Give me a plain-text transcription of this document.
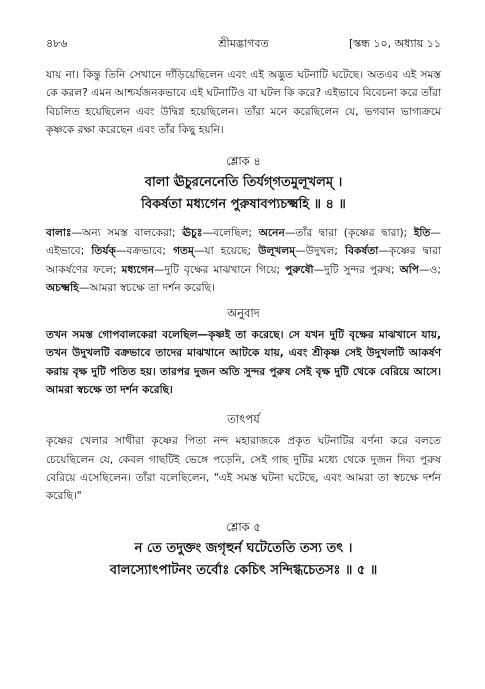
৪৮৬	শ্রীমদ্ভাগবত	[স্কন্ধ ১০, অধ্যায় ১১

যায় না। কিন্তু তিনি সেখানে দাঁড়িয়েছিলেন এবং এই অদ্ভুত ঘটনাটি ঘটেছে। অতএব এই সমস্ত কে করল? এমন আশ্চর্যজনকভাবে এই ঘটনাটিও বা ঘটল কি করে? এইভাবে বিবেচনা করে তাঁরা বিচলিত হয়েছিলেন এবং উদ্বিগ্ন হয়েছিলেন। তাঁরা মনে করেছিলেন যে, ভগবান ভাগ্যক্রমে কৃষ্ণকে রক্ষা করেছেন এবং তাঁর কিছু হয়নি।

শ্লোক ৪

বালা ঊচুরনেনেতি তির্যগ্‌গতমুলূখলম্ ।

বিকর্ষতা মধ্যগেন পুরুষাবপ্যচক্ষ্মহি ॥ ৪ ॥

বালাঃ—অন্য সমস্ত বালকেরা; ঊচুঃ—বলেছিল; অনেন—তাঁর দ্বারা (কৃষ্ণের দ্বারা); ইতি—এইভাবে; তির্যক্—বক্রভাবে; গতম্—যা হয়েছে; উলূখলম্—উদুখল; বিকর্ষতা—কৃষ্ণের দ্বারা আকর্ষণের ফলে; মধ্যগেন—দুটি বৃক্ষের মাঝখানে গিয়ে; পুরুষৌ—দুটি সুন্দর পুরুষ; অপি—ও; অচক্ষ্মহি—আমরা স্বচক্ষে তা দর্শন করেছি।

অনুবাদ

তখন সমস্ত গোপবালকেরা বলেছিল—কৃষ্ণই তা করেছে। সে যখন দুটি বৃক্ষের মাঝখানে যায়, তখন উদুখলটি বক্রভাবে তাদের মাঝখানে আটকে যায়, এবং শ্রীকৃষ্ণ সেই উদুখলটি আকর্ষণ করায় বৃক্ষ দুটি পতিত হয়। তারপর দুজন অতি সুন্দর পুরুষ সেই বৃক্ষ দুটি থেকে বেরিয়ে আসে। আমরা স্বচক্ষে তা দর্শন করেছি।

তাৎপর্য

কৃষ্ণের খেলার সাথীরা কৃষ্ণের পিতা নন্দ মহারাজকে প্রকৃত ঘটনাটির বর্ণনা করে বলতে চেয়েছিলেন যে, কেবল গাছটিই ভেঙ্গে পড়েনি, সেই গাছ দুটির মধ্যে থেকে দুজন দিব্য পুরুষ বেরিয়ে এসেছিলেন। তাঁরা বলেছিলেন, "এই সমস্ত ঘটনা ঘটেছে, এবং আমরা তা স্বচক্ষে দর্শন করেছি।"

শ্লোক ৫

ন তে তদুক্তং জগৃহুর্ন ঘটেতেতি তস্য তৎ ।

বালস্যোৎপাটনং তর্বোঃ কেচিৎ সন্দিগ্ধচেতসঃ ॥ ৫ ॥
